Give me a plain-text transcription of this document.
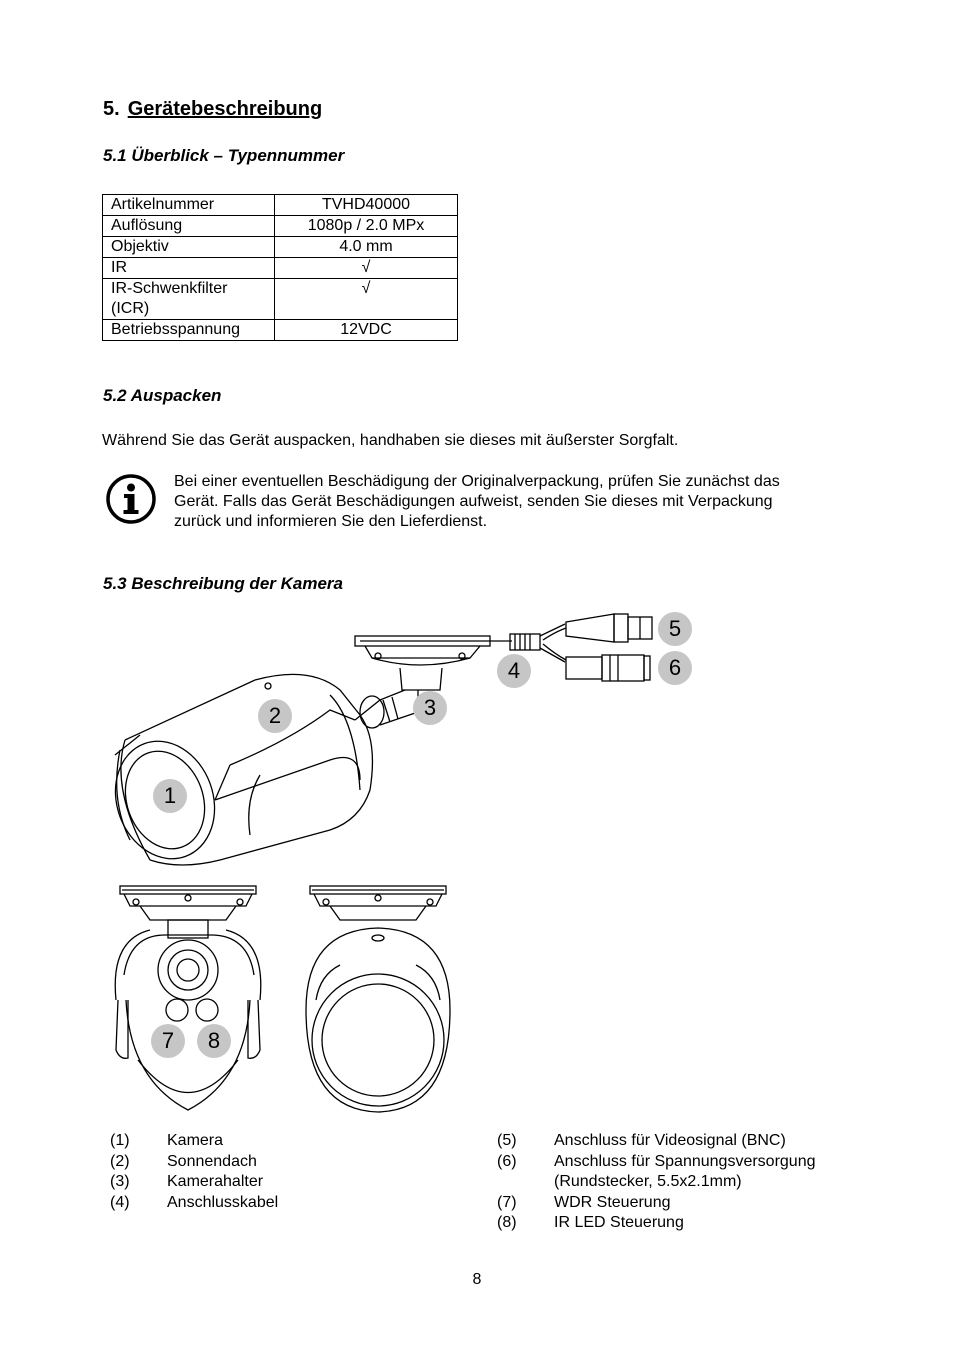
5. Gerätebeschreibung
5.1 Überblick – Typennummer
Artikelnummer	TVHD40000
Auflösung	1080p / 2.0 MPx
Objektiv	4.0 mm
IR	√
IR-Schwenkfilter (ICR)	√
Betriebsspannung	12VDC
5.2 Auspacken
Während Sie das Gerät auspacken, handhaben sie dieses mit äußerster Sorgfalt.
Bei einer eventuellen Beschädigung der Originalverpackung, prüfen Sie zunächst das
Gerät. Falls das Gerät Beschädigungen aufweist, senden Sie dieses mit Verpackung
zurück und informieren Sie den Lieferdienst.
5.3 Beschreibung der Kamera
1
2	3
4
5
6
7	8
(1) Kamera
(2) Sonnendach
(3) Kamerahalter
(4) Anschlusskabel
(5) Anschluss für Videosignal (BNC)
(6) Anschluss für Spannungsversorgung
(Rundstecker, 5.5x2.1mm)
(7) WDR Steuerung
(8) IR LED Steuerung
8
